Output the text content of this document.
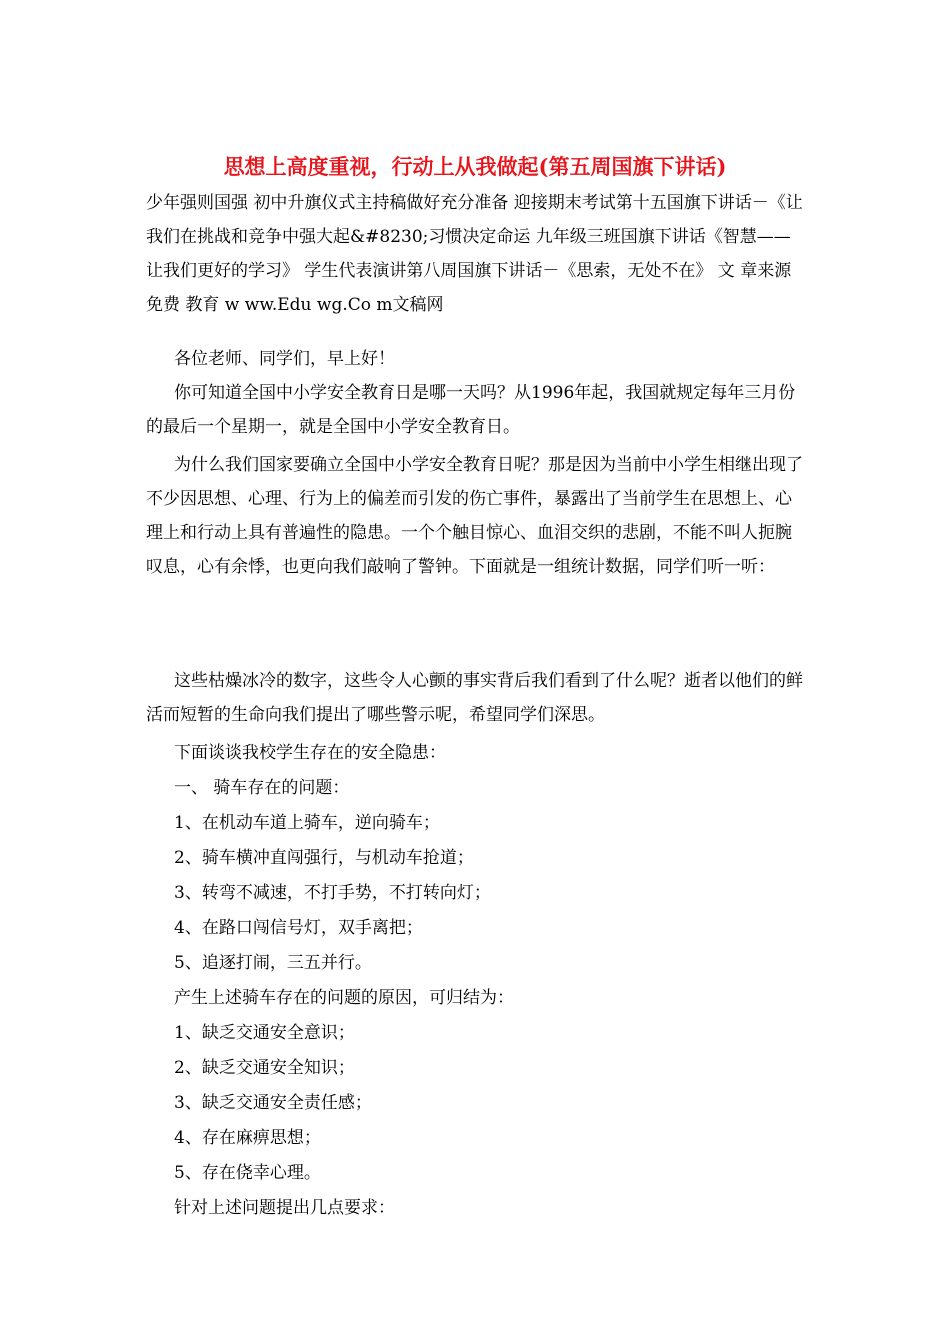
思想上高度重视，行动上从我做起(第五周国旗下讲话)
少年强则国强 初中升旗仪式主持稿做好充分准备 迎接期末考试第十五国旗下讲话－《让我们在挑战和竞争中强大起&#8230;习惯决定命运 九年级三班国旗下讲话《智慧——让我们更好的学习》 学生代表演讲第八周国旗下讲话－《思索，无处不在》 文 章来源免费 教育 w ww.Edu wg.Co m文稿网
各位老师、同学们，早上好！
你可知道全国中小学安全教育日是哪一天吗？从1996年起，我国就规定每年三月份的最后一个星期一，就是全国中小学安全教育日。
为什么我们国家要确立全国中小学安全教育日呢？那是因为当前中小学生相继出现了不少因思想、心理、行为上的偏差而引发的伤亡事件，暴露出了当前学生在思想上、心理上和行动上具有普遍性的隐患。一个个触目惊心、血泪交织的悲剧，不能不叫人扼腕叹息，心有余悸，也更向我们敲响了警钟。下面就是一组统计数据，同学们听一听：
这些枯燥冰冷的数字，这些令人心颤的事实背后我们看到了什么呢？逝者以他们的鲜活而短暂的生命向我们提出了哪些警示呢，希望同学们深思。
下面谈谈我校学生存在的安全隐患：
一、 骑车存在的问题：
1、在机动车道上骑车，逆向骑车；
2、骑车横冲直闯强行，与机动车抢道；
3、转弯不减速，不打手势，不打转向灯；
4、在路口闯信号灯，双手离把；
5、追逐打闹，三五并行。
产生上述骑车存在的问题的原因，可归结为：
1、缺乏交通安全意识；
2、缺乏交通安全知识；
3、缺乏交通安全责任感；
4、存在麻痹思想；
5、存在侥幸心理。
针对上述问题提出几点要求：
